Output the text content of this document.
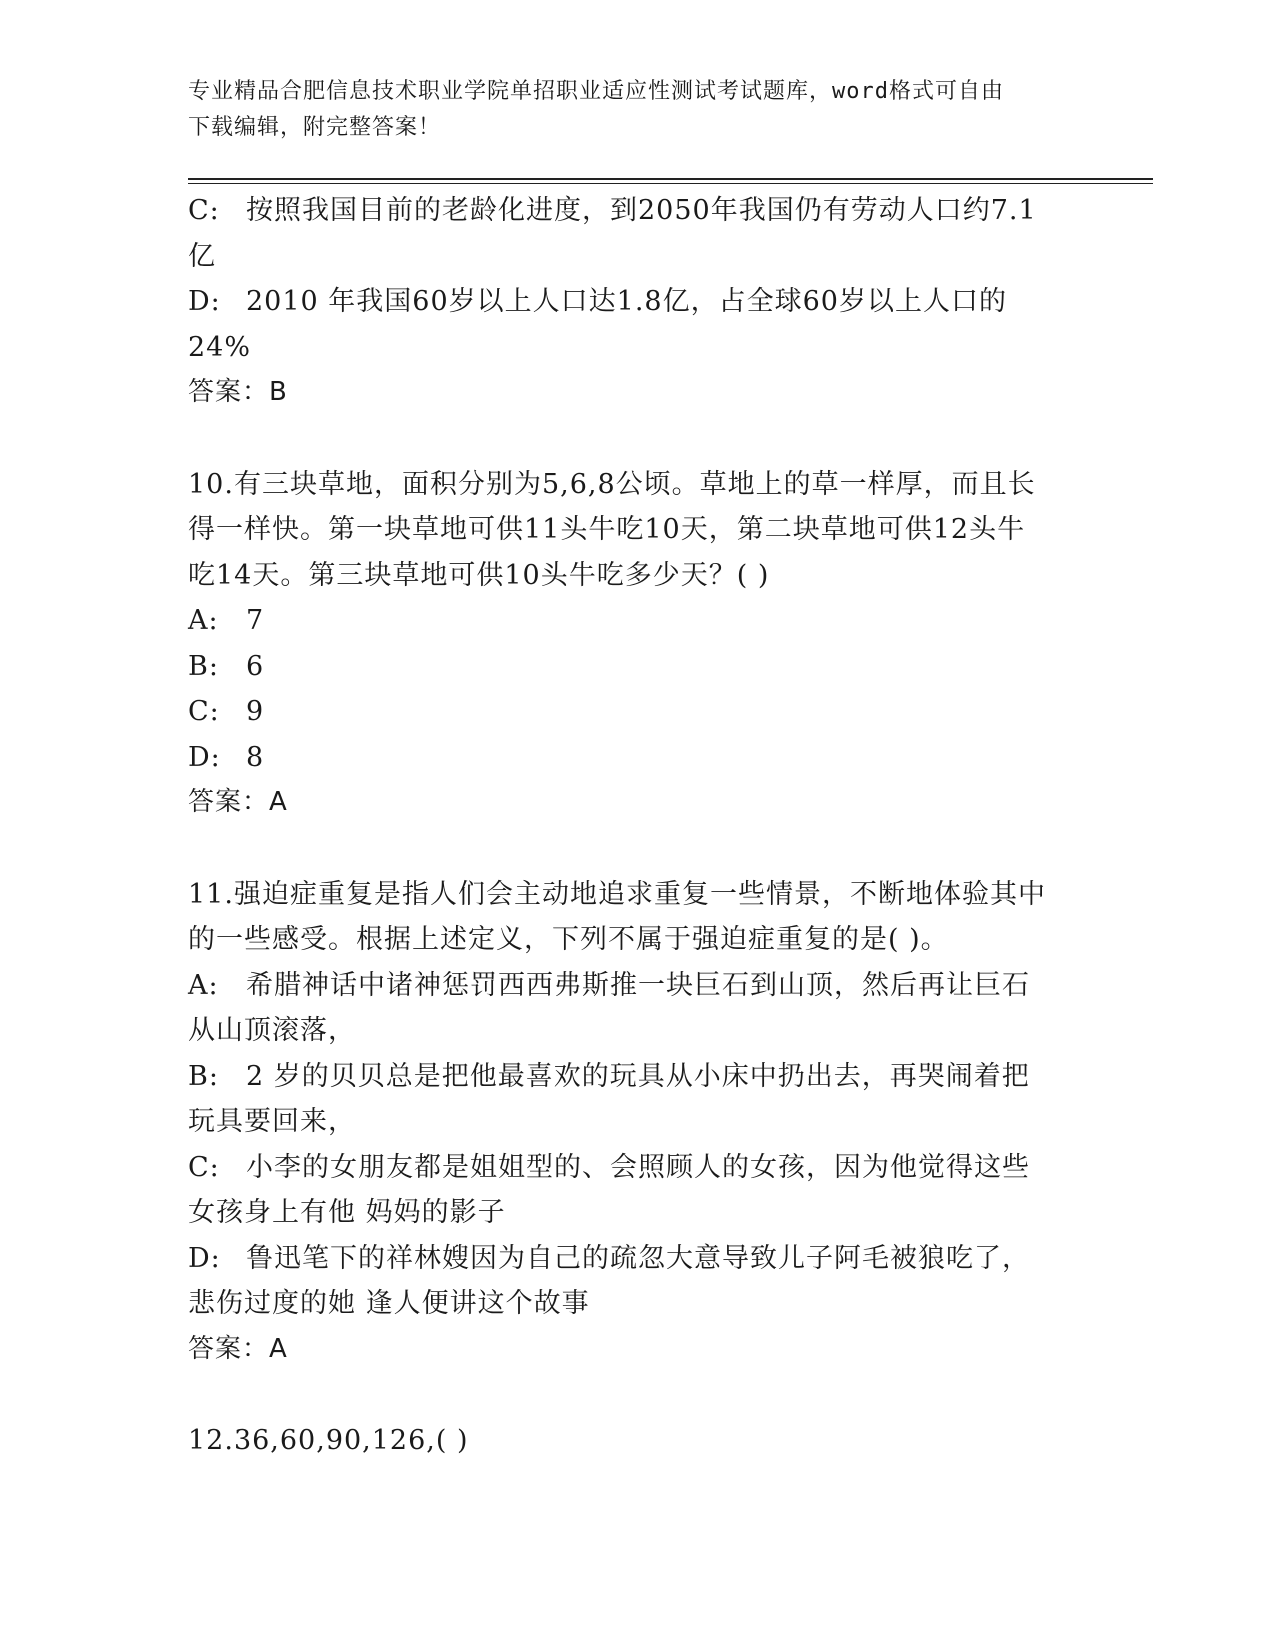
专业精品合肥信息技术职业学院单招职业适应性测试考试题库，word格式可自由
下载编辑，附完整答案！

C: 按照我国目前的老龄化进度，到2050年我国仍有劳动人口约7.1

亿

D: 2010 年我国60岁以上人口达1.8亿，占全球60岁以上人口的

24%

答案：B

10.有三块草地，面积分别为5,6,8公顷。草地上的草一样厚，而且长

得一样快。第一块草地可供11头牛吃10天，第二块草地可供12头牛

吃14天。第三块草地可供10头牛吃多少天？( )

A: 7

B: 6

C: 9

D: 8

答案：A

11.强迫症重复是指人们会主动地追求重复一些情景，不断地体验其中

的一些感受。根据上述定义，下列不属于强迫症重复的是( )。

A: 希腊神话中诸神惩罚西西弗斯推一块巨石到山顶，然后再让巨石

从山顶滚落，

B: 2 岁的贝贝总是把他最喜欢的玩具从小床中扔出去，再哭闹着把

玩具要回来，

C: 小李的女朋友都是姐姐型的、会照顾人的女孩，因为他觉得这些

女孩身上有他 妈妈的影子

D: 鲁迅笔下的祥林嫂因为自己的疏忽大意导致儿子阿毛被狼吃了，

悲伤过度的她 逢人便讲这个故事

答案：A

12.36,60,90,126,( )
